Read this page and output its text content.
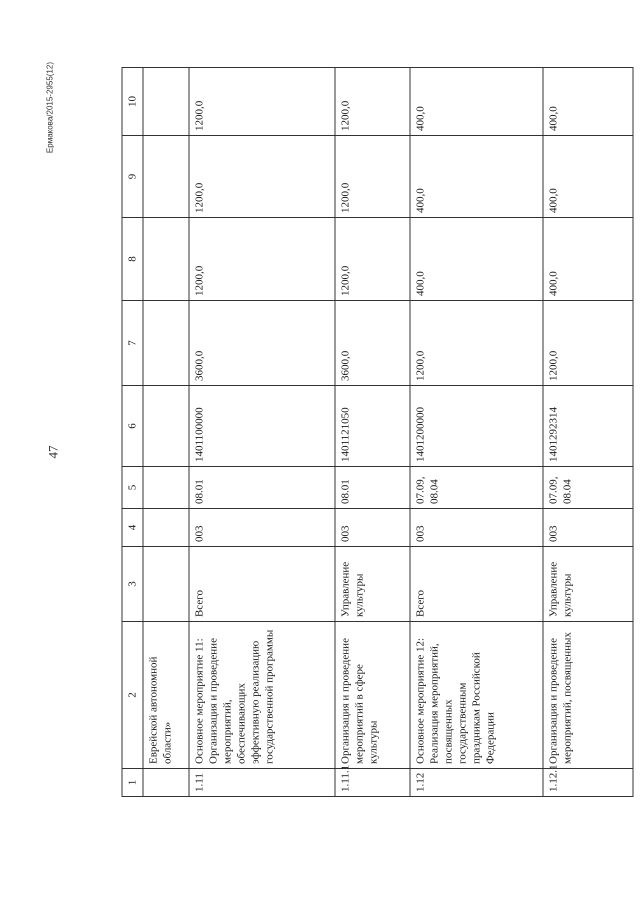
47
Ермакова/2015-2955(12)
1	2	3	4	5	6	7	8	9	10
	Еврейской автономной области»								
1.11	Основное мероприятие 11: Организация и проведение мероприятий, обеспечивающих эффективную реализацию государственной программы	Всего	003	08.01	1401100000	3600,0	1200,0	1200,0	1200,0
1.11.1	Организация и проведение мероприятий в сфере культуры	Управление культуры	003	08.01	1401121050	3600,0	1200,0	1200,0	1200,0
1.12	Основное мероприятие 12: Реализация мероприятий, посвященных государственным праздникам Российской Федерации	Всего	003	07.09, 08.04	1401200000	1200,0	400,0	400,0	400,0
1.12.1	Организация и проведение мероприятий, посвященных	Управление культуры	003	07.09, 08.04	1401292314	1200,0	400,0	400,0	400,0
